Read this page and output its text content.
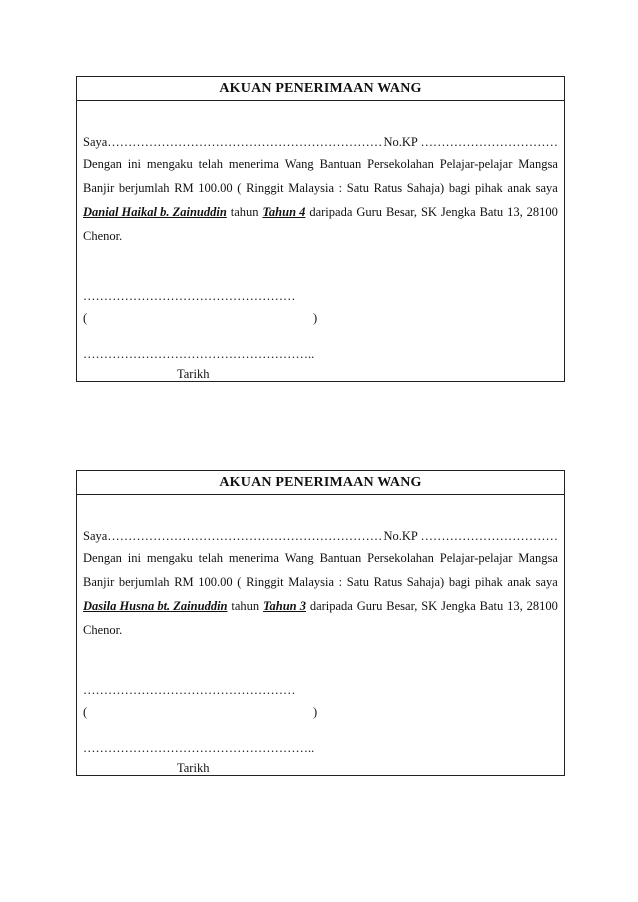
AKUAN PENERIMAAN WANG
Saya………………………………………………………… No.KP ……………………………
Dengan ini mengaku telah menerima Wang Bantuan Persekolahan Pelajar-pelajar Mangsa
Banjir berjumlah RM 100.00 ( Ringgit Malaysia : Satu Ratus Sahaja) bagi pihak anak saya
Danial Haikal b. Zainuddin tahun Tahun 4 daripada Guru Besar, SK Jengka Batu 13, 28100
Chenor.
……………………………………………
(	)
………………………………………………..
Tarikh
AKUAN PENERIMAAN WANG
Saya………………………………………………………… No.KP ……………………………
Dengan ini mengaku telah menerima Wang Bantuan Persekolahan Pelajar-pelajar Mangsa
Banjir berjumlah RM 100.00 ( Ringgit Malaysia : Satu Ratus Sahaja) bagi pihak anak saya
Dasila Husna bt. Zainuddin tahun Tahun 3 daripada Guru Besar, SK Jengka Batu 13, 28100
Chenor.
……………………………………………
(	)
………………………………………………..
Tarikh
